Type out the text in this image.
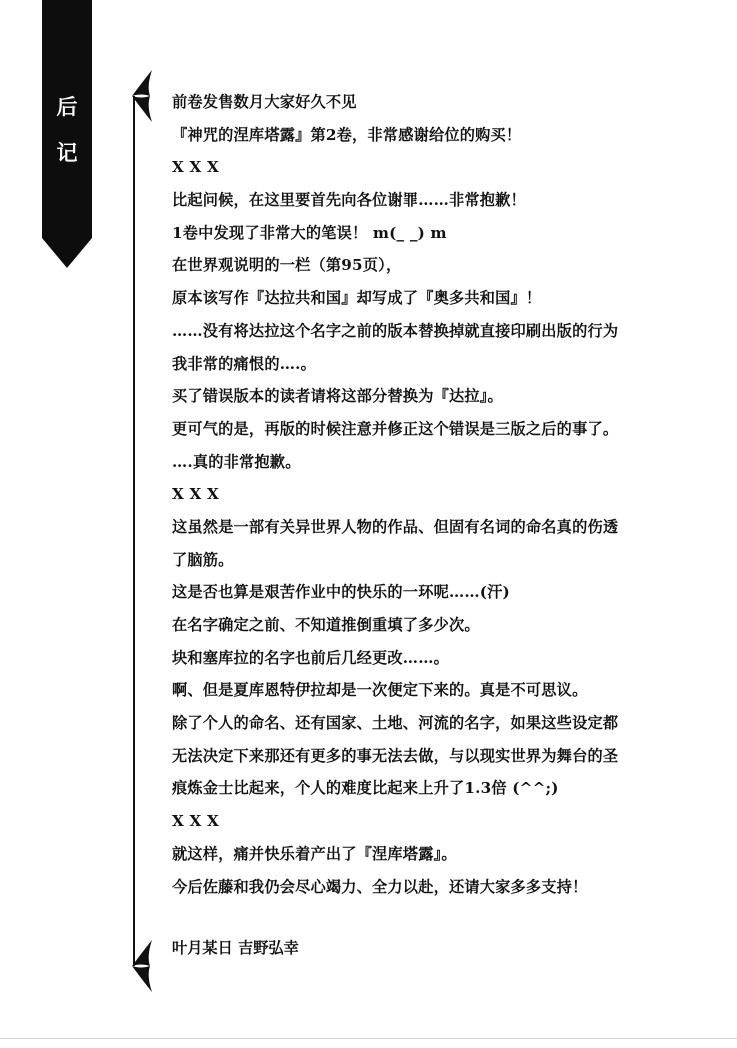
后
记
前卷发售数月大家好久不见
『神咒的涅库塔露』第2卷，非常感谢给位的购买！
X X X
比起问候，在这里要首先向各位谢罪……非常抱歉！
1卷中发现了非常大的笔误！ m(_ _) m
在世界观说明的一栏（第95页），
原本该写作『达拉共和国』却写成了『奥多共和国』！
……没有将达拉这个名字之前的版本替换掉就直接印刷出版的行为
我非常的痛恨的….。
买了错误版本的读者请将这部分替换为『达拉』。
更可气的是，再版的时候注意并修正这个错误是三版之后的事了。
….真的非常抱歉。
X X X
这虽然是一部有关异世界人物的作品、但固有名词的命名真的伤透
了脑筋。
这是否也算是艰苦作业中的快乐的一环呢……(汗)
在名字确定之前、不知道推倒重填了多少次。
块和塞库拉的名字也前后几经更改……。
啊、但是夏库恩特伊拉却是一次便定下来的。真是不可思议。
除了个人的命名、还有国家、土地、河流的名字，如果这些设定都
无法决定下来那还有更多的事无法去做，与以现实世界为舞台的圣
痕炼金士比起来，个人的难度比起来上升了1.3倍 (^^;)
X X X
就这样，痛并快乐着产出了『涅库塔露』。
今后佐藤和我仍会尽心竭力、全力以赴，还请大家多多支持！
叶月某日 吉野弘幸
